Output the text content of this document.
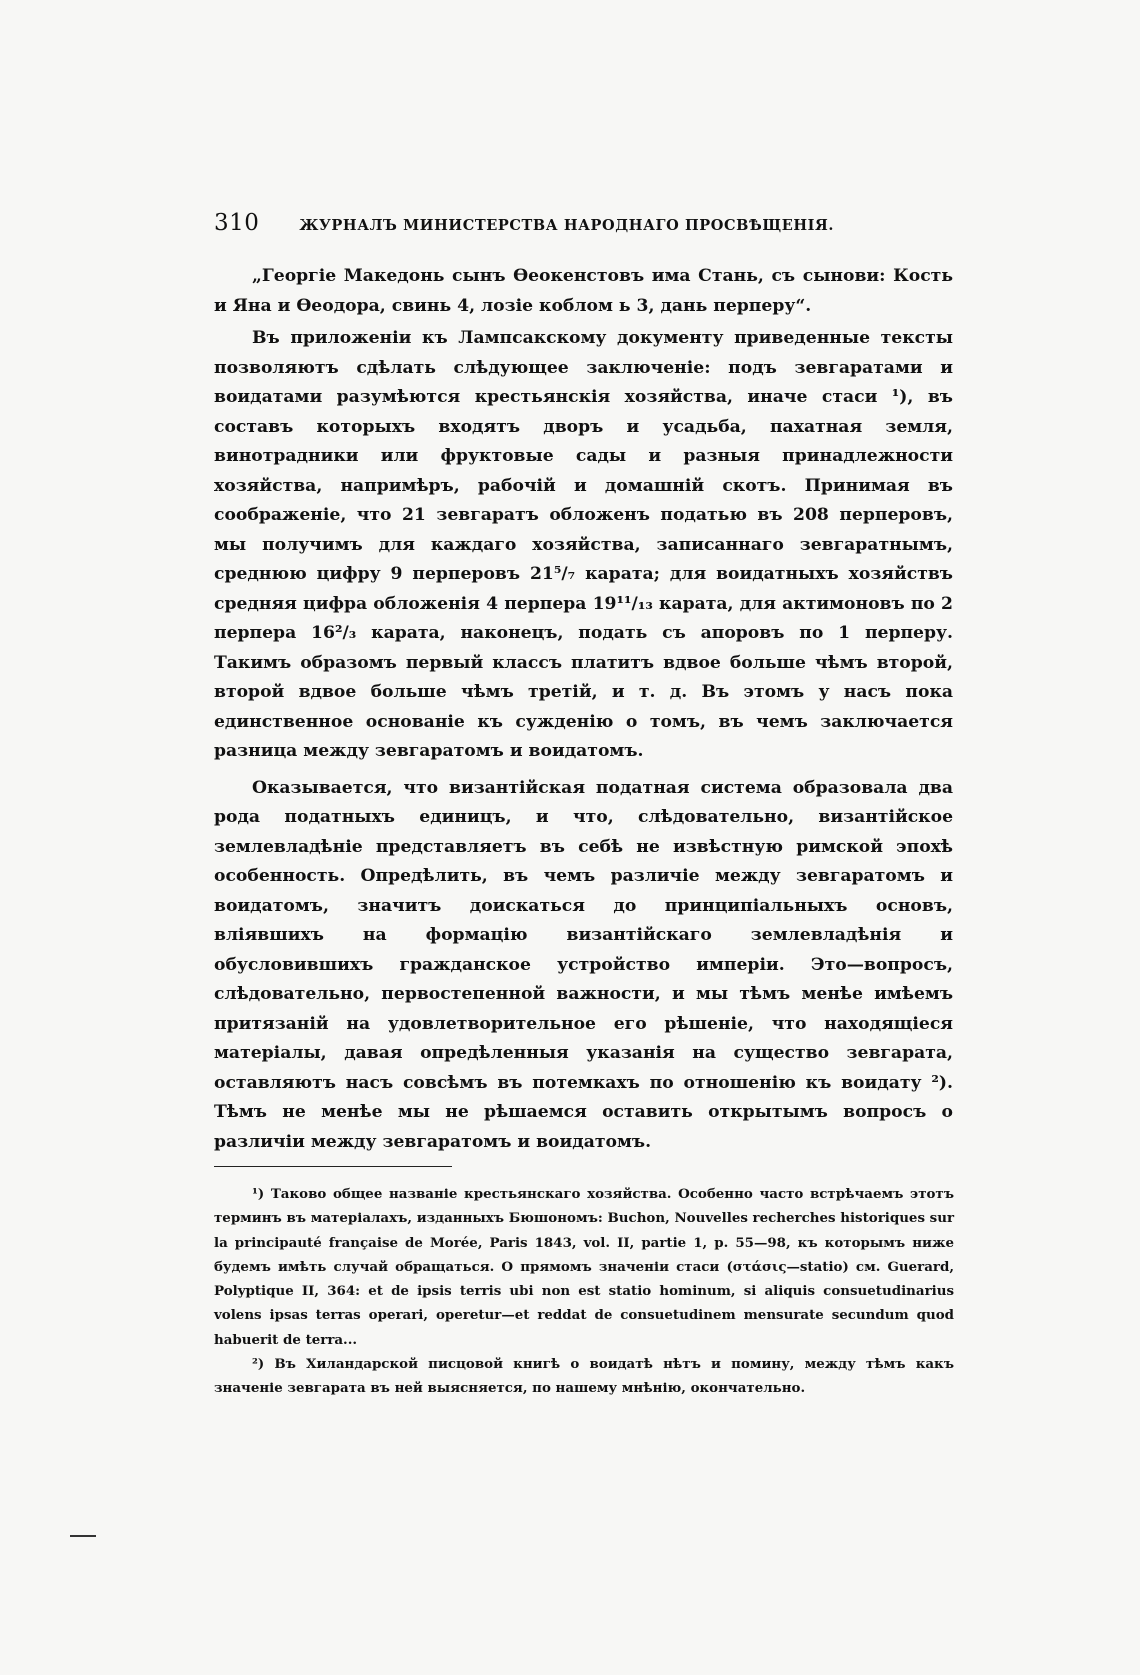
310	ЖУРНАЛЪ МИНИСТЕРСТВА НАРОДНАГО ПРОСВѢЩЕНІЯ.

„Георгіе Македонь сынъ Ѳеокенстовъ има Стань, съ сынови: Кость и Яна и Ѳеодора, свинь 4, лозіе коблом ь 3, дань перперу“.

Въ приложеніи къ Лампсакскому документу приведенные тексты позволяютъ сдѣлать слѣдующее заключеніе: подъ зевгаратами и воидатами разумѣются крестьянскія хозяйства, иначе стаси ¹), въ составъ которыхъ входятъ дворъ и усадьба, пахатная земля, винотрадники или фруктовые сады и разныя принадлежности хозяйства, напримѣръ, рабочій и домашній скотъ. Принимая въ соображеніе, что 21 зевгаратъ обложенъ податью въ 208 перперовъ, мы получимъ для каждаго хозяйства, записаннаго зевгаратнымъ, среднюю цифру 9 перперовъ 21⁵/₇ карата; для воидатныхъ хозяйствъ средняя цифра обложенія 4 перпера 19¹¹/₁₃ карата, для актимоновъ по 2 перпера 16²/₃ карата, наконецъ, подать съ апоровъ по 1 перперу. Такимъ образомъ первый классъ платитъ вдвое больше чѣмъ второй, второй вдвое больше чѣмъ третій, и т. д. Въ этомъ у насъ пока единственное основаніе къ сужденію о томъ, въ чемъ заключается разница между зевгаратомъ и воидатомъ.

Оказывается, что византійская податная система образовала два рода податныхъ единицъ, и что, слѣдовательно, византійское землевладѣніе представляетъ въ себѣ не извѣстную римской эпохѣ особенность. Опредѣлить, въ чемъ различіе между зевгаратомъ и воидатомъ, значитъ доискаться до принципіальныхъ основъ, вліявшихъ на формацію византійскаго землевладѣнія и обусловившихъ гражданское устройство имперіи. Это—вопросъ, слѣдовательно, первостепенной важности, и мы тѣмъ менѣе имѣемъ притязаній на удовлетворительное его рѣшеніе, что находящіеся матеріалы, давая опредѣленныя указанія на существо зевгарата, оставляютъ насъ совсѣмъ въ потемкахъ по отношенію къ воидату ²). Тѣмъ не менѣе мы не рѣшаемся оставить открытымъ вопросъ о различіи между зевгаратомъ и воидатомъ.

¹) Таково общее названіе крестьянскаго хозяйства. Особенно часто встрѣчаемъ этотъ терминъ въ матеріалахъ, изданныхъ Бюшономъ: Buchon, Nouvelles recherches historiques sur la principauté française de Morée, Paris 1843, vol. II, partie 1, p. 55—98, къ которымъ ниже будемъ имѣть случай обращаться. О прямомъ значеніи стаси (στάσις—statio) см. Guerard, Polyptique II, 364: et de ipsis terris ubi non est statio hominum, si aliquis consuetudinarius volens ipsas terras operari, operetur—et reddat de consuetudinem mensurate secundum quod habuerit de terra...

²) Въ Хиландарской писцовой книгѣ о воидатѣ нѣтъ и помину, между тѣмъ какъ значеніе зевгарата въ ней выясняется, по нашему мнѣнію, окончательно.
